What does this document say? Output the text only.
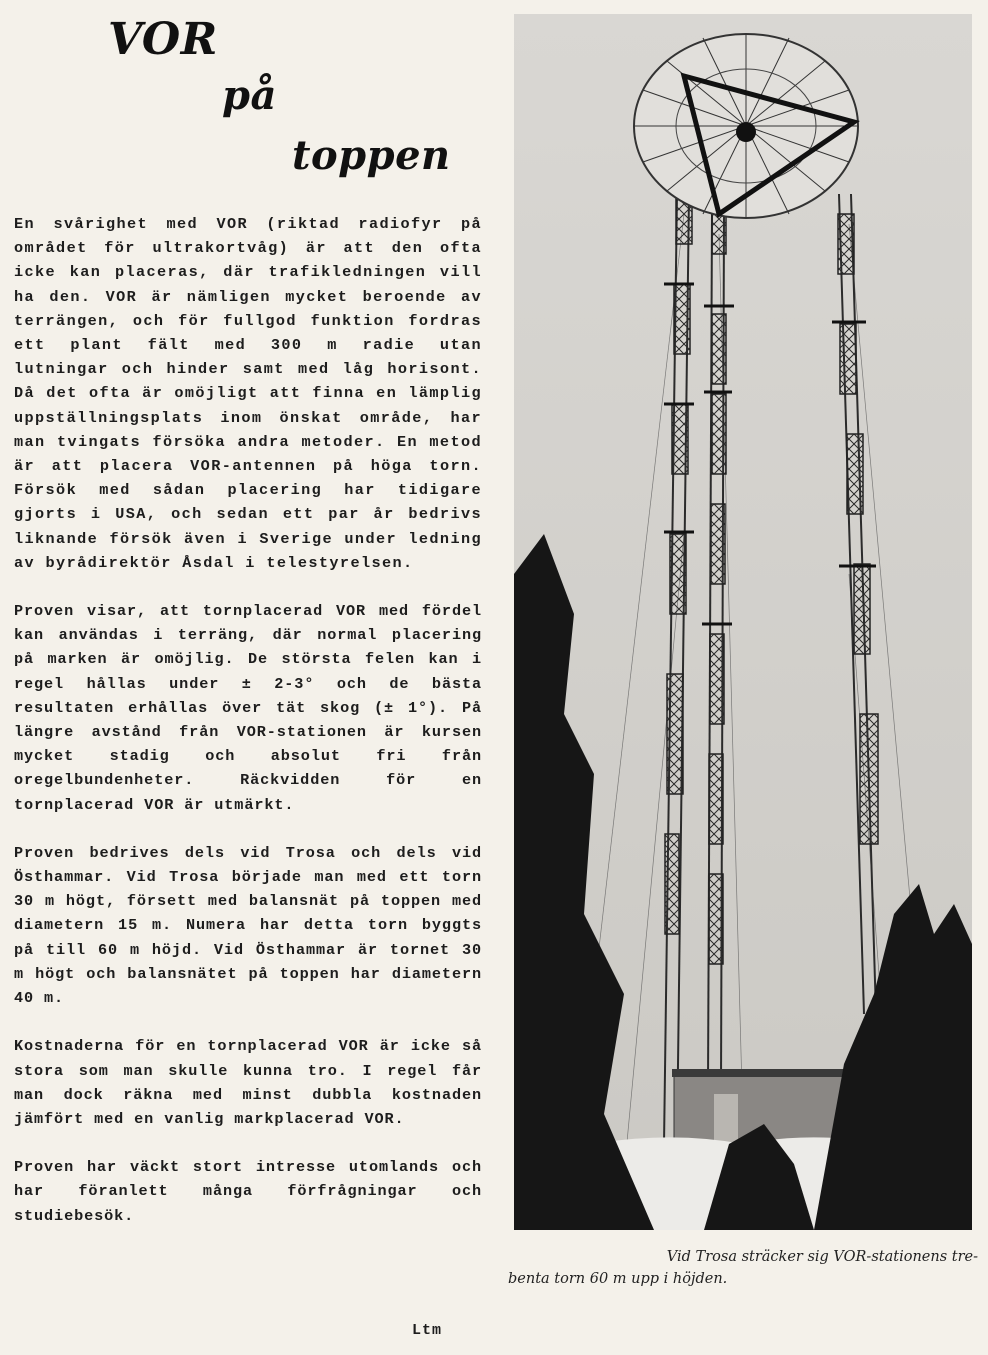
VOR
på
toppen

En svårighet med VOR (riktad radiofyr på området för ultrakortvåg) är att den ofta icke kan placeras, där trafikledningen vill ha den. VOR är nämligen mycket beroende av terrängen, och för fullgod funktion fordras ett plant fält med 300 m radie utan lutningar och hinder samt med låg horisont. Då det ofta är omöjligt att finna en lämplig uppställningsplats inom önskat område, har man tvingats försöka andra metoder. En metod är att placera VOR-antennen på höga torn. Försök med sådan placering har tidigare gjorts i USA, och sedan ett par år bedrivs liknande försök även i Sverige under ledning av byrådirektör Åsdal i telestyrelsen.

Proven visar, att tornplacerad VOR med fördel kan användas i terräng, där normal placering på marken är omöjlig. De största felen kan i regel hållas under ± 2-3° och de bästa resultaten erhållas över tät skog (± 1°). På längre avstånd från VOR-stationen är kursen mycket stadig och absolut fri från oregelbundenheter. Räckvidden för en tornplacerad VOR är utmärkt.

Proven bedrives dels vid Trosa och dels vid Östhammar. Vid Trosa började man med ett torn 30 m högt, försett med balansnät på toppen med diametern 15 m. Numera har detta torn byggts på till 60 m höjd. Vid Östhammar är tornet 30 m högt och balansnätet på toppen har diametern 40 m.

Kostnaderna för en tornplacerad VOR är icke så stora som man skulle kunna tro. I regel får man dock räkna med minst dubbla kostnaden jämfört med en vanlig markplacerad VOR.

Proven har väckt stort intresse utomlands och har föranlett många förfrågningar och studiebesök.

Ltm
Vid Trosa sträcker sig VOR-stationens tre-
benta torn 60 m upp i höjden.
